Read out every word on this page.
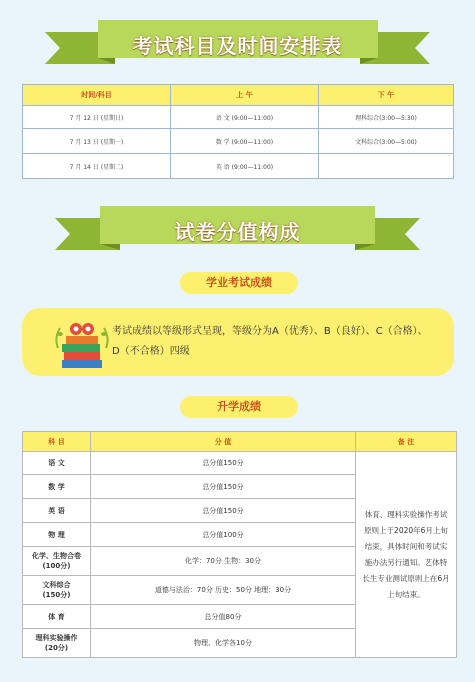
考试科目及时间安排表
时间/科目	上 午	下 午
7 月 12 日 (星期日)	语 文 (9:00—11:00)	理科综合(3:00—5:30)
7 月 13 日 (星期一)	数 学 (9:00—11:00)	文科综合(3:00—5:00)
7 月 14 日 (星期二)	英 语 (9:00—11:00)	
试卷分值构成
学业考试成绩
考试成绩以等级形式呈现，等级分为A（优秀）、B（良好）、C（合格）、
D（不合格）四级
升学成绩
科 目	分 值	备 注
语 文	总分值150分	体育、理科实验操作考试原则上于2020年6月上旬结束，具体时间和考试实施办法另行通知。艺体特长生专业测试原则上在6月上旬结束。

数 学	总分值150分	
英 语	总分值150分	
物 理	总分值100分	

化学、生物合卷
(100分)	化学：70分 生物：30分	

文科综合
(150分)	道德与法治：70分 历史：50分 地理：30分	
体 育	总分值80分	

理科实验操作
(20分)	物理、化学各10分	
